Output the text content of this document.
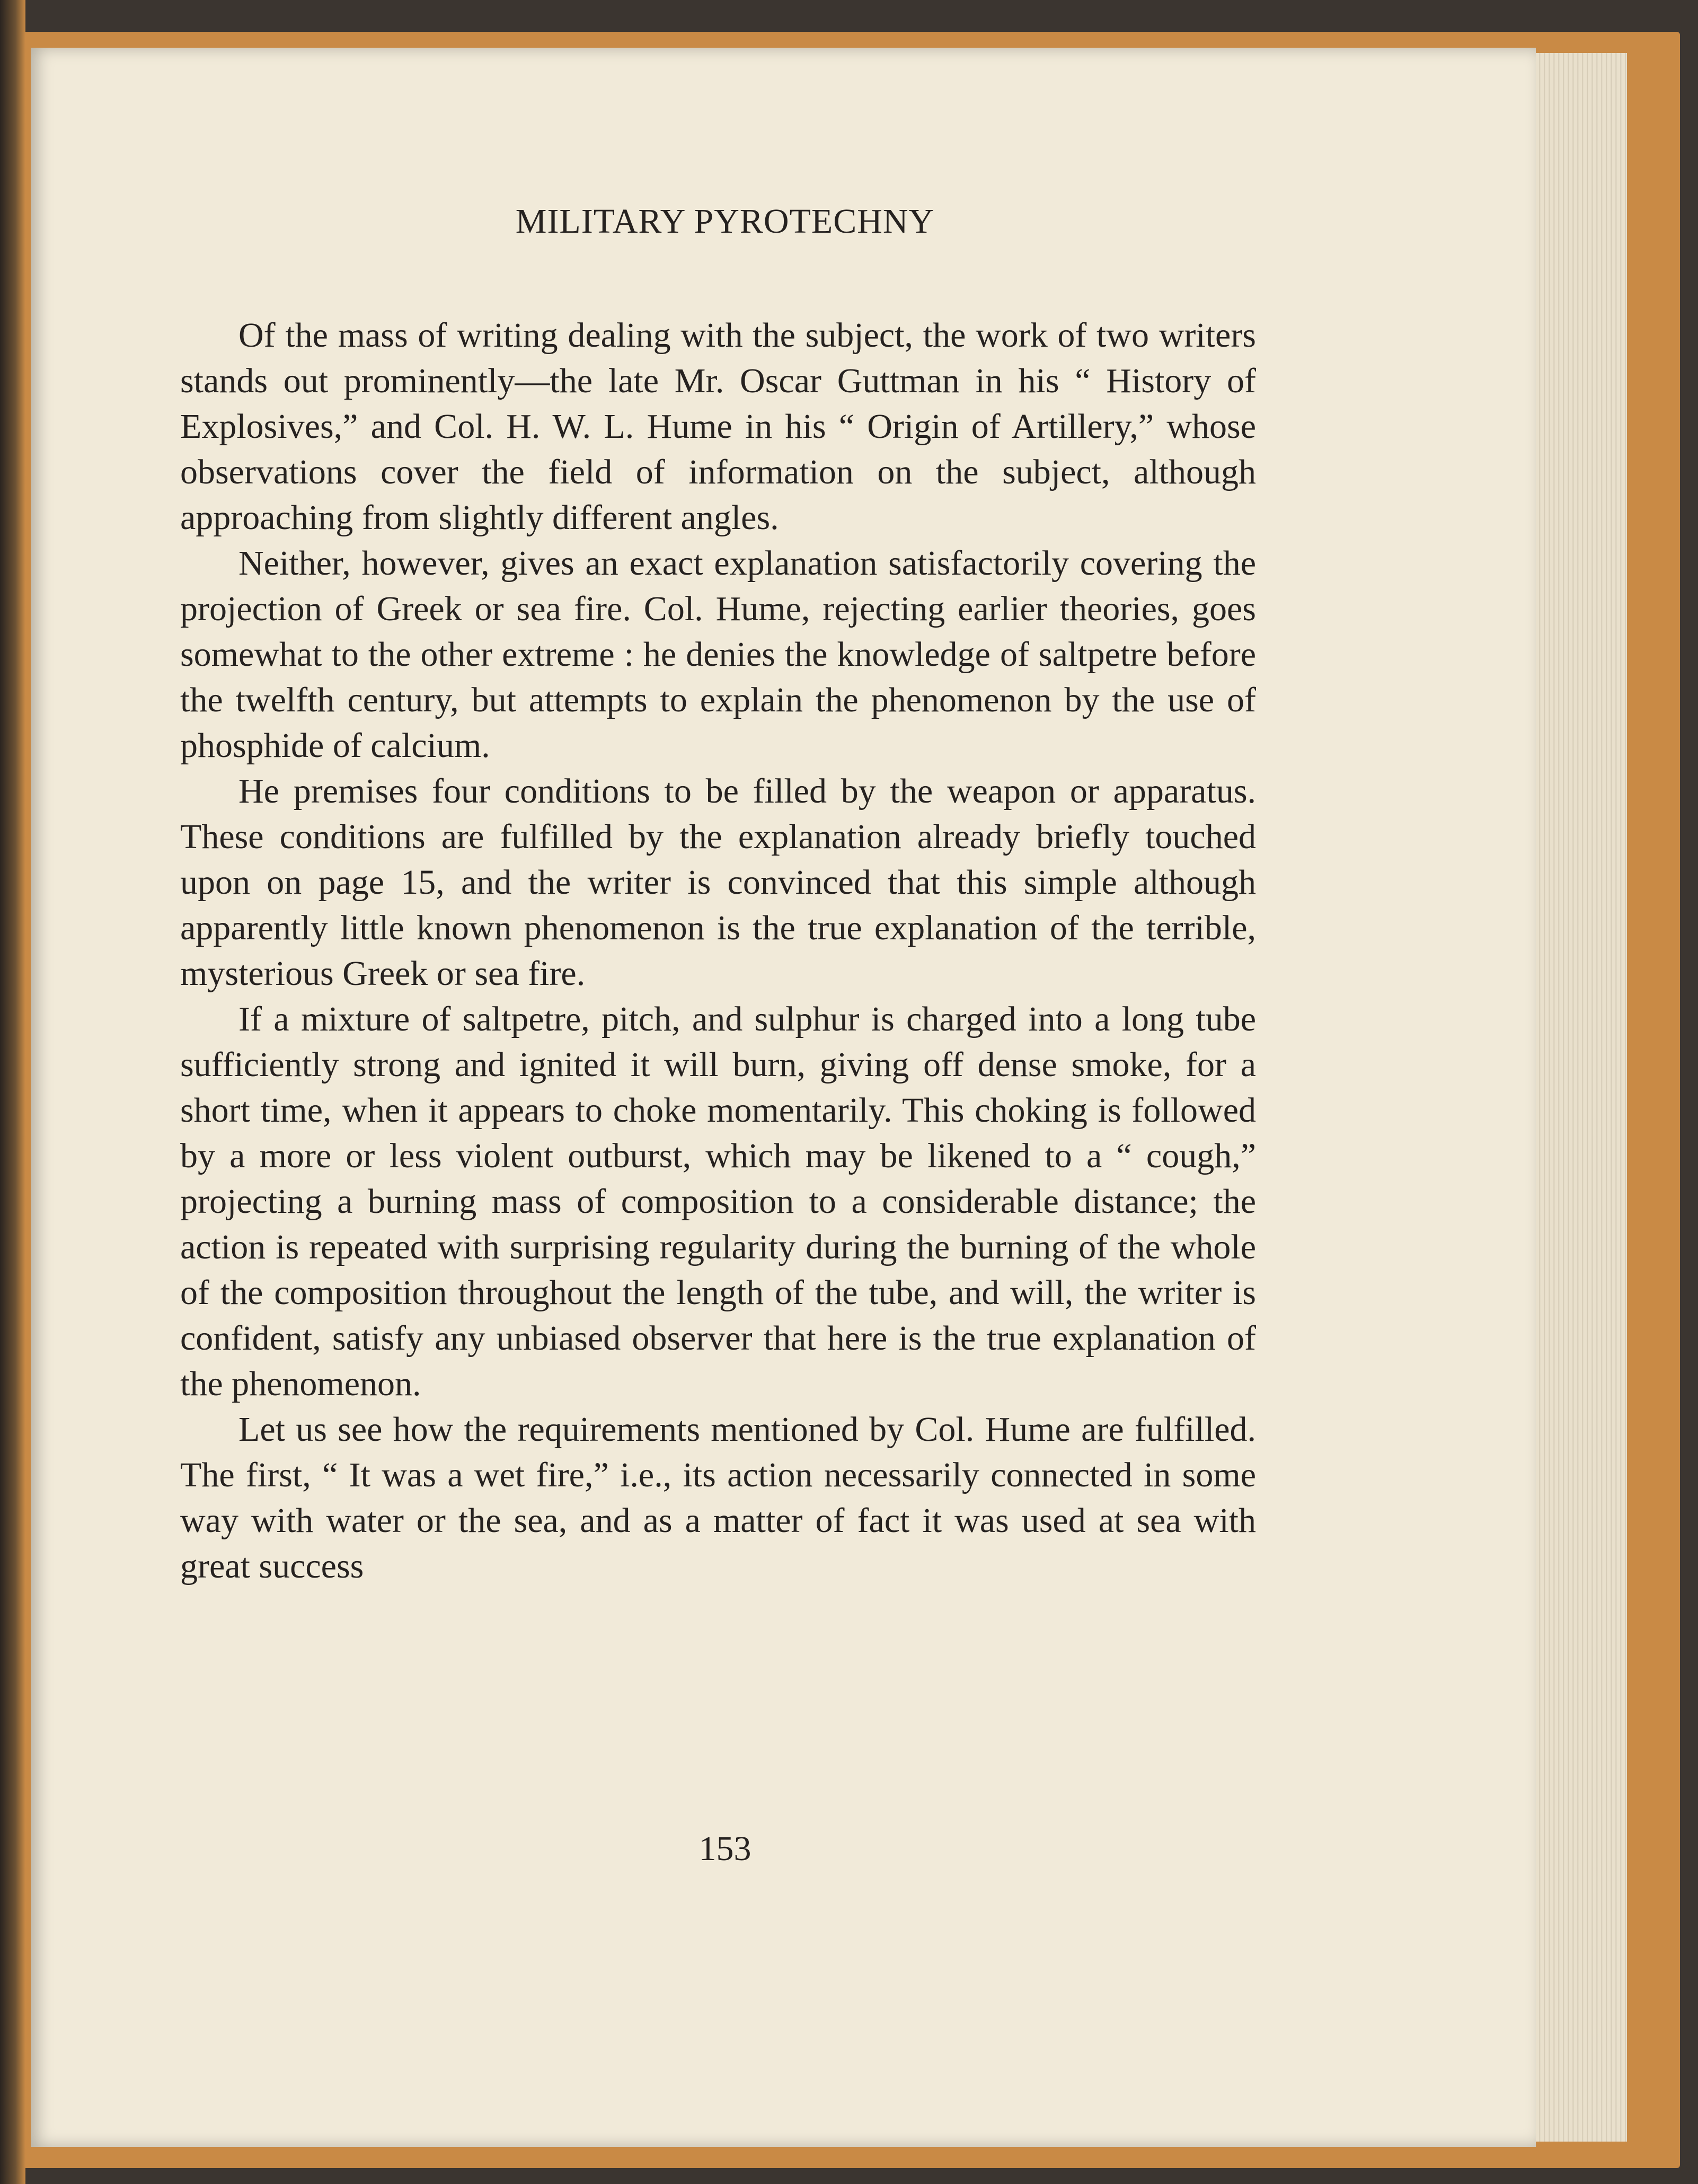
MILITARY PYROTECHNY

Of the mass of writing dealing with the subject, the work of two writers stands out prominently—the late Mr. Oscar Guttman in his “ History of Explosives,” and Col. H. W. L. Hume in his “ Origin of Artillery,” whose observations cover the field of information on the subject, although approaching from slightly different angles.

Neither, however, gives an exact explanation satisfactorily covering the projection of Greek or sea fire. Col. Hume, rejecting earlier theories, goes somewhat to the other extreme : he denies the knowledge of saltpetre before the twelfth century, but attempts to explain the phenomenon by the use of phosphide of calcium.

He premises four conditions to be filled by the weapon or apparatus. These conditions are fulfilled by the explanation already briefly touched upon on page 15, and the writer is convinced that this simple although apparently little known phenomenon is the true explanation of the terrible, mysterious Greek or sea fire.

If a mixture of saltpetre, pitch, and sulphur is charged into a long tube sufficiently strong and ignited it will burn, giving off dense smoke, for a short time, when it appears to choke momentarily. This choking is followed by a more or less violent outburst, which may be likened to a “ cough,” projecting a burning mass of composition to a considerable distance; the action is repeated with surprising regularity during the burning of the whole of the composition throughout the length of the tube, and will, the writer is confident, satisfy any unbiased observer that here is the true explanation of the phenomenon.

Let us see how the requirements mentioned by Col. Hume are fulfilled. The first, “ It was a wet fire,” i.e., its action necessarily connected in some way with water or the sea, and as a matter of fact it was used at sea with great success

153
